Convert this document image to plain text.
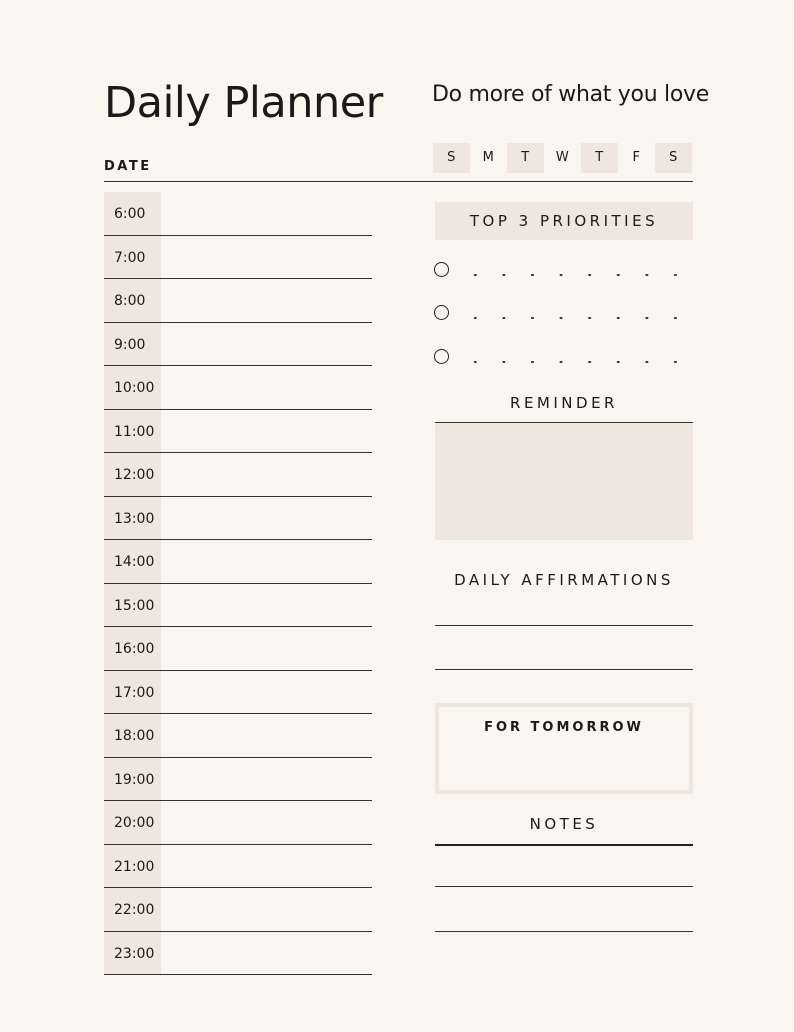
Daily Planner Do more of what you love
DATE
S	M	T	W	T	F	S
6:00
7:00
8:00
9:00
10:00
11:00
12:00
13:00
14:00
15:00
16:00
17:00
18:00
19:00
20:00
21:00
22:00
23:00
TOP 3 PRIORITIES
REMINDER
DAILY AFFIRMATIONS
FOR TOMORROW
NOTES
